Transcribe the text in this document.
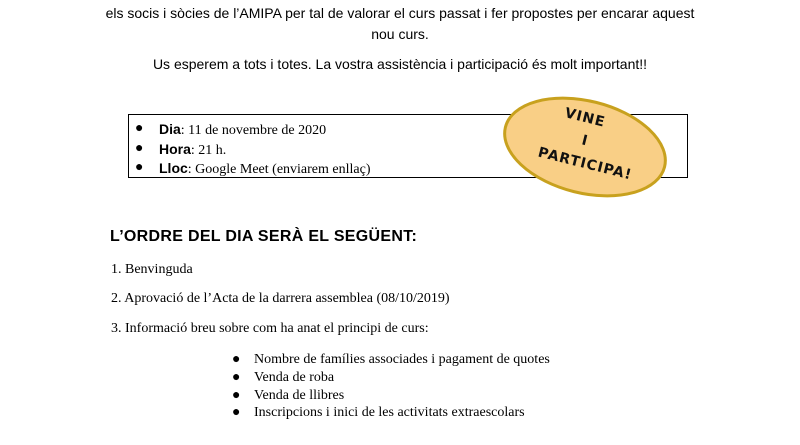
els socis i sòcies de l’AMIPA per tal de valorar el curs passat i fer propostes per encarar aquest
nou curs.
Us esperem a tots i totes. La vostra assistència i participació és molt important!!
● Dia: 11 de novembre de 2020
● Hora: 21 h.
● Lloc: Google Meet (enviarem enllaç)
VINE
I
PARTICIPA!
L’ORDRE DEL DIA SERÀ EL SEGÜENT:
1. Benvinguda
2. Aprovació de l’Acta de la darrera assemblea (08/10/2019)
3. Informació breu sobre com ha anat el principi de curs:
● Nombre de famílies associades i pagament de quotes
● Venda de roba
● Venda de llibres
● Inscripcions i inici de les activitats extraescolars
